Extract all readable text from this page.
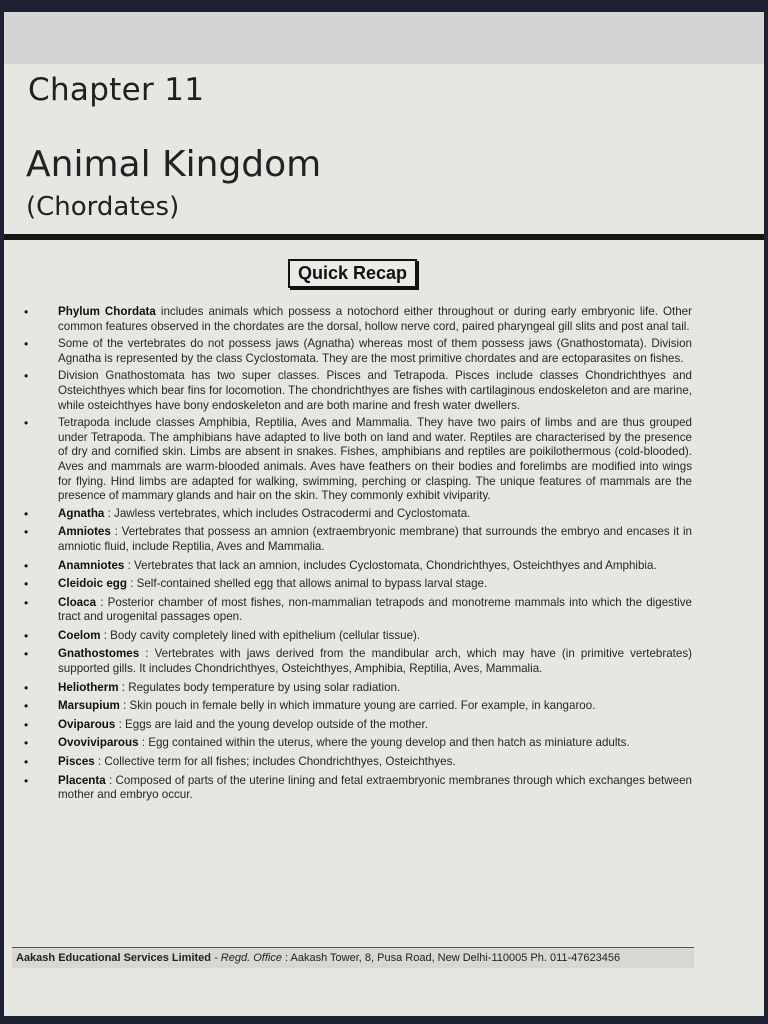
Chapter 11
Animal Kingdom
(Chordates)
Quick Recap
•	Phylum Chordata includes animals which possess a notochord either throughout or during early embryonic life. Other common features observed in the chordates are the dorsal, hollow nerve cord, paired pharyngeal gill slits and post anal tail.
•	Some of the vertebrates do not possess jaws (Agnatha) whereas most of them possess jaws (Gnathostomata). Division Agnatha is represented by the class Cyclostomata. They are the most primitive chordates and are ectoparasites on fishes.
•	Division Gnathostomata has two super classes. Pisces and Tetrapoda. Pisces include classes Chondrichthyes and Osteichthyes which bear fins for locomotion. The chondrichthyes are fishes with cartilaginous endoskeleton and are marine, while osteichthyes have bony endoskeleton and are both marine and fresh water dwellers.
•	Tetrapoda include classes Amphibia, Reptilia, Aves and Mammalia. They have two pairs of limbs and are thus grouped under Tetrapoda. The amphibians have adapted to live both on land and water. Reptiles are characterised by the presence of dry and cornified skin. Limbs are absent in snakes. Fishes, amphibians and reptiles are poikilothermous (cold-blooded). Aves and mammals are warm-blooded animals. Aves have feathers on their bodies and forelimbs are modified into wings for flying. Hind limbs are adapted for walking, swimming, perching or clasping. The unique features of mammals are the presence of mammary glands and hair on the skin. They commonly exhibit viviparity.
•	Agnatha : Jawless vertebrates, which includes Ostracodermi and Cyclostomata.
•	Amniotes : Vertebrates that possess an amnion (extraembryonic membrane) that surrounds the embryo and encases it in amniotic fluid, include Reptilia, Aves and Mammalia.
•	Anamniotes : Vertebrates that lack an amnion, includes Cyclostomata, Chondrichthyes, Osteichthyes and Amphibia.
•	Cleidoic egg : Self-contained shelled egg that allows animal to bypass larval stage.
•	Cloaca : Posterior chamber of most fishes, non-mammalian tetrapods and monotreme mammals into which the digestive tract and urogenital passages open.
•	Coelom : Body cavity completely lined with epithelium (cellular tissue).
•	Gnathostomes : Vertebrates with jaws derived from the mandibular arch, which may have (in primitive vertebrates) supported gills. It includes Chondrichthyes, Osteichthyes, Amphibia, Reptilia, Aves, Mammalia.
•	Heliotherm : Regulates body temperature by using solar radiation.
•	Marsupium : Skin pouch in female belly in which immature young are carried. For example, in kangaroo.
•	Oviparous : Eggs are laid and the young develop outside of the mother.
•	Ovoviviparous : Egg contained within the uterus, where the young develop and then hatch as miniature adults.
•	Pisces : Collective term for all fishes; includes Chondrichthyes, Osteichthyes.
•	Placenta : Composed of parts of the uterine lining and fetal extraembryonic membranes through which exchanges between mother and embryo occur.
Aakash Educational Services Limited - Regd. Office : Aakash Tower, 8, Pusa Road, New Delhi-110005 Ph. 011-47623456
